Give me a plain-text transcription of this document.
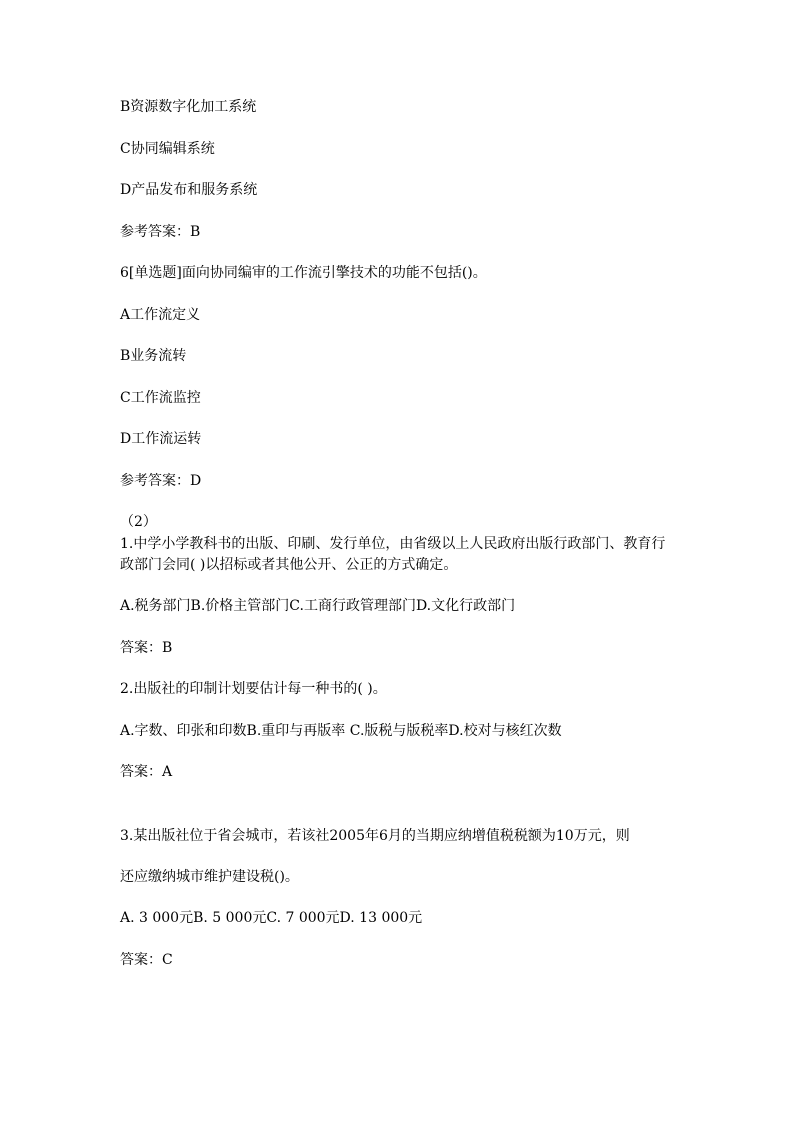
B资源数字化加工系统
C协同编辑系统
D产品发布和服务系统
参考答案：B
6[单选题]面向协同编审的工作流引擎技术的功能不包括()。
A工作流定义
B业务流转
C工作流监控
D工作流运转
参考答案：D
（2）
1.中学小学教科书的出版、印刷、发行单位，由省级以上人民政府出版行政部门、教育行
政部门会同( )以招标或者其他公开、公正的方式确定。
A.税务部门B.价格主管部门C.工商行政管理部门D.文化行政部门
答案：B
2.出版社的印制计划要估计每一种书的( )。
A.字数、印张和印数B.重印与再版率 C.版税与版税率D.校对与核红次数
答案：A
3.某出版社位于省会城市，若该社2005年6月的当期应纳增值税税额为10万元，则
还应缴纳城市维护建设税()。
A. 3 000元B. 5 000元C. 7 000元D. 13 000元
答案：C
